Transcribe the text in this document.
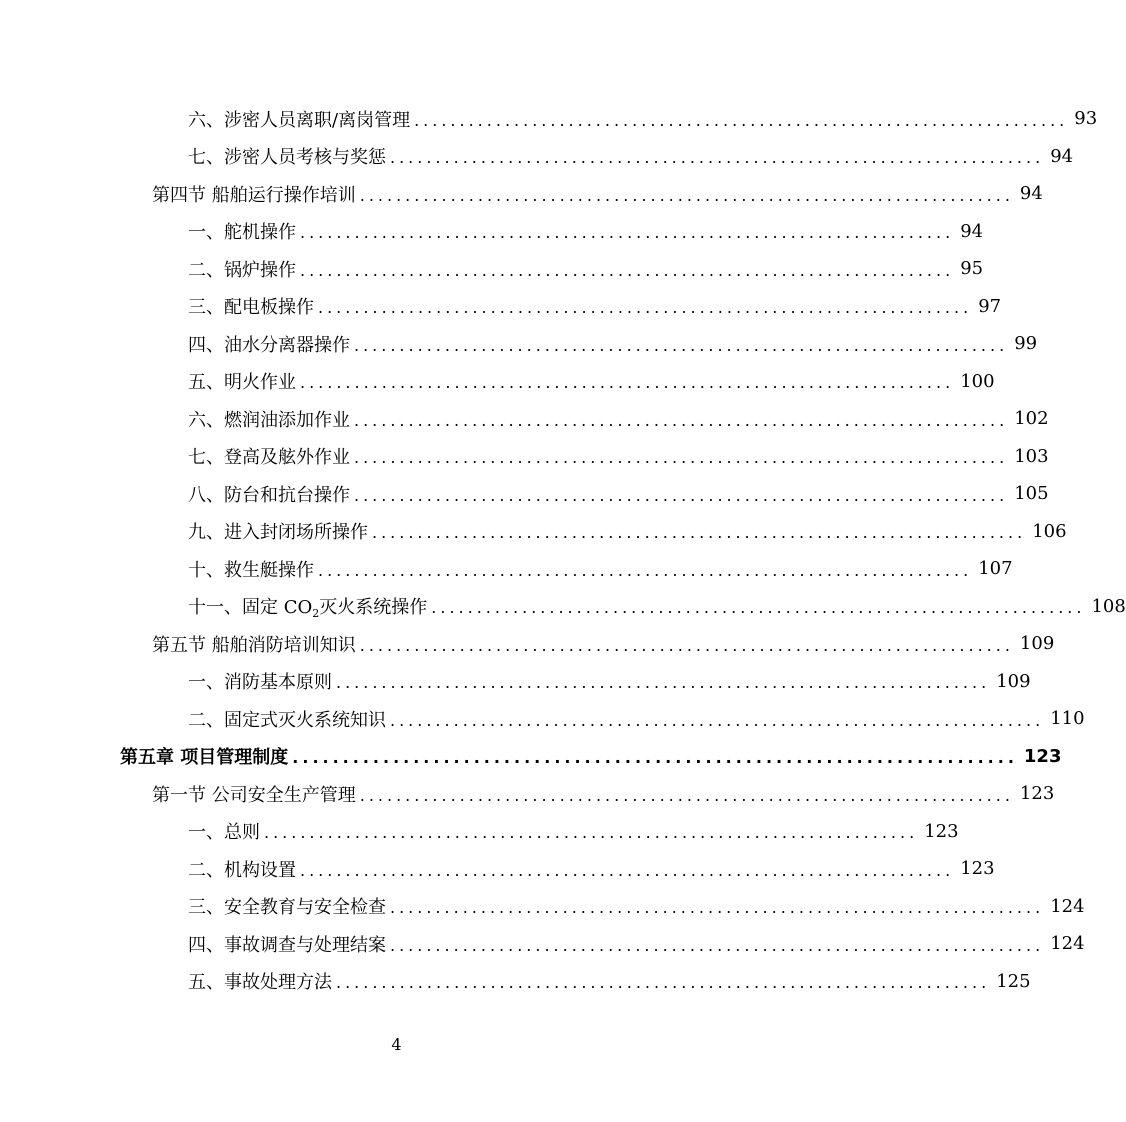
六、涉密人员离职/离岗管理 ........................................................................ 93
七、涉密人员考核与奖惩 ........................................................................ 94
第四节 船舶运行操作培训 ........................................................................ 94
一、舵机操作 ........................................................................ 94
二、锅炉操作 ........................................................................ 95
三、配电板操作 ........................................................................ 97
四、油水分离器操作 ........................................................................ 99
五、明火作业 ........................................................................ 100
六、燃润油添加作业 ........................................................................ 102
七、登高及舷外作业 ........................................................................ 103
八、防台和抗台操作 ........................................................................ 105
九、进入封闭场所操作 ........................................................................ 106
十、救生艇操作 ........................................................................ 107
十一、固定 $CO_2$灭火系统操作 ........................................................................ 108
第五节 船舶消防培训知识 ........................................................................ 109
一、消防基本原则 ........................................................................ 109
二、固定式灭火系统知识 ........................................................................ 110
第五章 项目管理制度 ........................................................................ 123
第一节 公司安全生产管理 ........................................................................ 123
一、总则 ........................................................................ 123
二、机构设置 ........................................................................ 123
三、安全教育与安全检查 ........................................................................ 124
四、事故调查与处理结案 ........................................................................ 124
五、事故处理方法 ........................................................................ 125
4
